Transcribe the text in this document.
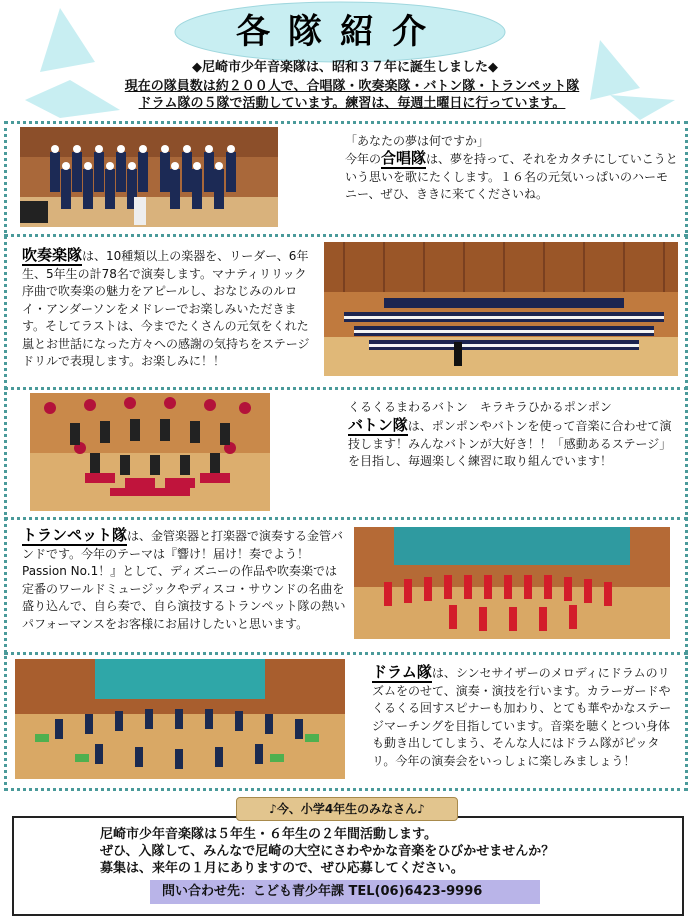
各隊紹介
◆尼崎市少年音楽隊は、昭和３７年に誕生しました◆
現在の隊員数は約２００人で、合唱隊・吹奏楽隊・バトン隊・トランペット隊
ドラム隊の５隊で活動しています。練習は、毎週土曜日に行っています。
「あなたの夢は何ですか」
今年の合唱隊は、夢を持って、それをカタチにしていこうという思いを歌にたくします。１６名の元気いっぱいのハーモニー、ぜひ、ききに来てくださいね。
吹奏楽隊は、10種類以上の楽器を、リーダー、6年生、5年生の計78名で演奏します。マナティリリック序曲で吹奏楽の魅力をアピールし、おなじみのルロイ・アンダーソンをメドレーでお楽しみいただきます。そしてラストは、今までたくさんの元気をくれた嵐とお世話になった方々への感謝の気持ちをステージドリルで表現します。お楽しみに！！
くるくるまわるバトン　キラキラひかるポンポン
バトン隊は、ポンポンやバトンを使って音楽に合わせて演技します！みんなバトンが大好き！！「感動あるステージ」を目指し、毎週楽しく練習に取り組んでいます！
トランペット隊は、金管楽器と打楽器で演奏する金管バンドです。今年のテーマは『響け！届け！奏でよう！Passion No.1！』として、ディズニーの作品や吹奏楽では定番のワールドミュージックやディスコ・サウンドの名曲を盛り込んで、自ら奏で、自ら演技するトランペット隊の熱いパフォーマンスをお客様にお届けしたいと思います。
ドラム隊は、シンセサイザーのメロディにドラムのリズムをのせて、演奏・演技を行います。カラーガードやくるくる回すスピナーも加わり、とても華やかなステージマーチングを目指しています。音楽を聴くとつい身体も動き出してしまう、そんな人にはドラム隊がピッタリ。今年の演奏会をいっしょに楽しみましょう！
♪今、小学4年生のみなさん♪
尼崎市少年音楽隊は５年生・６年生の２年間活動します。
ぜひ、入隊して、みんなで尼崎の大空にさわやかな音楽をひびかせませんか？
募集は、来年の１月にありますので、ぜひ応募してください。
問い合わせ先：こども青少年課 TEL(06)6423-9996
